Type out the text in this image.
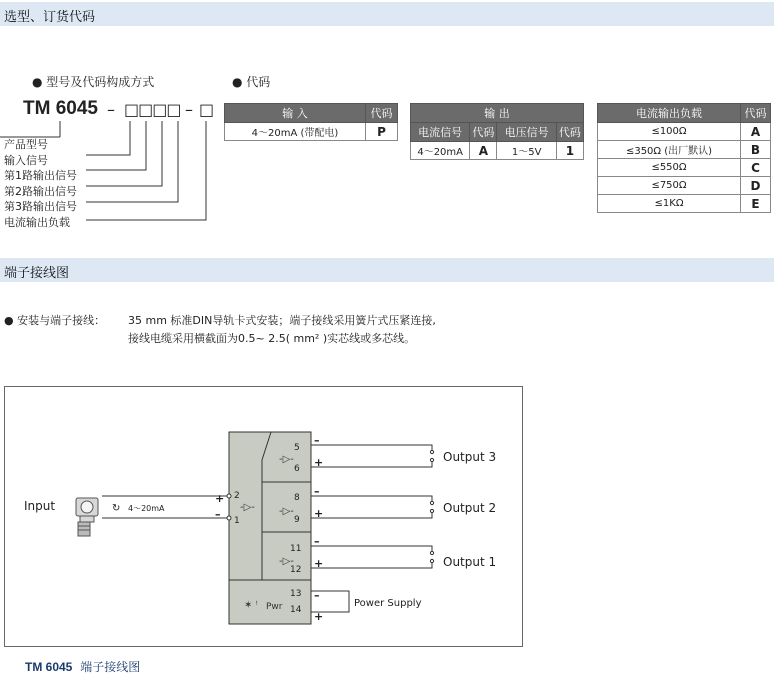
选型、订货代码
● 型号及代码构成方式	● 代码
TM 6045 – □□□□ – □
产品型号
输入信号
第1路输出信号
第2路输出信号
第3路输出信号
电流输出负载
输 入	代码
4～20mA (带配电)	P
输 出			
电流信号	代码	电压信号	代码
4～20mA	A	1～5V	1
电流输出负载	代码
≤100Ω	A
≤350Ω (出厂默认)	B
≤550Ω	C
≤750Ω	D
≤1KΩ	E
端子接线图
● 安装与端子接线： 35 mm 标准DIN导轨卡式安装；端子接线采用簧片式压紧连接,
接线电缆采用横截面为0.5~ 2.5( mm² )实芯线或多芯线。
-▷-
-▷-
-▷-
-▷-
✶ ꜝ Pwr
5
6
8
9
11
12
13
14
–
+
–
+
–
+
–
+
Output 3
Output 2
Output 1
Power Supply
Input
2
1
+
–
↻ 4～20mA
TM 6045 端子接线图
